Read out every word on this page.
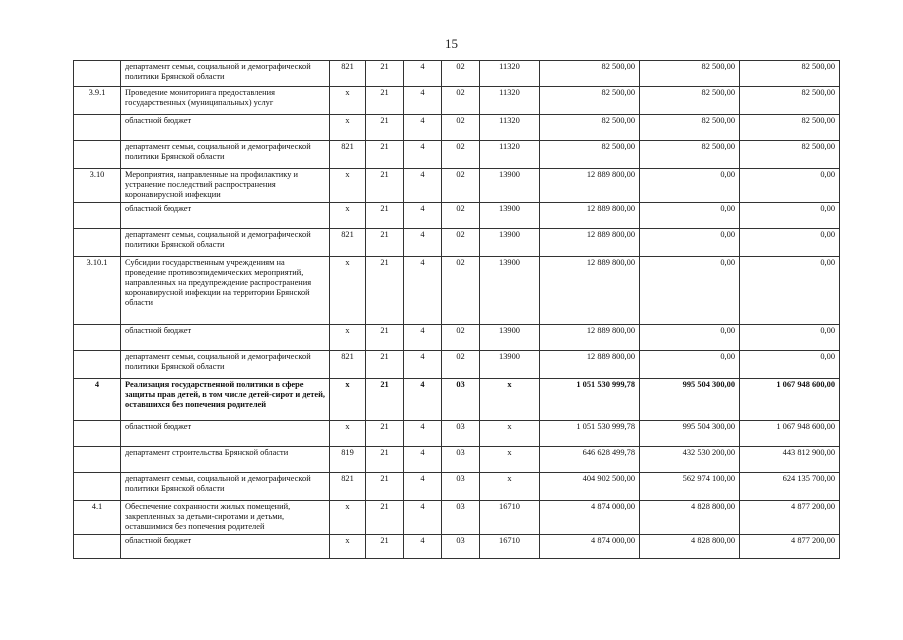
15
	департамент семьи, социальной и демографической политики Брянской области	821	21	4	02	11320	82 500,00	82 500,00	82 500,00
3.9.1	Проведение мониторинга предоставления государственных (муниципальных) услуг	x	21	4	02	11320	82 500,00	82 500,00	82 500,00
	областной бюджет	x	21	4	02	11320	82 500,00	82 500,00	82 500,00
	департамент семьи, социальной и демографической политики Брянской области	821	21	4	02	11320	82 500,00	82 500,00	82 500,00
3.10	Мероприятия, направленные на профилактику и устранение последствий распространения коронавирусной инфекции	x	21	4	02	13900	12 889 800,00	0,00	0,00
	областной бюджет	x	21	4	02	13900	12 889 800,00	0,00	0,00
	департамент семьи, социальной и демографической политики Брянской области	821	21	4	02	13900	12 889 800,00	0,00	0,00
3.10.1	Субсидии государственным учреждениям на проведение противоэпидемических мероприятий, направленных на предупреждение распространения коронавирусной инфекции на территории Брянской области	x	21	4	02	13900	12 889 800,00	0,00	0,00
	областной бюджет	x	21	4	02	13900	12 889 800,00	0,00	0,00
	департамент семьи, социальной и демографической политики Брянской области	821	21	4	02	13900	12 889 800,00	0,00	0,00
4	Реализация государственной политики в сфере защиты прав детей, в том числе детей-сирот и детей, оставшихся без попечения родителей	x	21	4	03	x	1 051 530 999,78	995 504 300,00	1 067 948 600,00
	областной бюджет	x	21	4	03	x	1 051 530 999,78	995 504 300,00	1 067 948 600,00
	департамент строительства Брянской области	819	21	4	03	x	646 628 499,78	432 530 200,00	443 812 900,00
	департамент семьи, социальной и демографической политики Брянской области	821	21	4	03	x	404 902 500,00	562 974 100,00	624 135 700,00
4.1	Обеспечение сохранности жилых помещений, закрепленных за детьми-сиротами и детьми, оставшимися без попечения родителей	x	21	4	03	16710	4 874 000,00	4 828 800,00	4 877 200,00
	областной бюджет	x	21	4	03	16710	4 874 000,00	4 828 800,00	4 877 200,00
